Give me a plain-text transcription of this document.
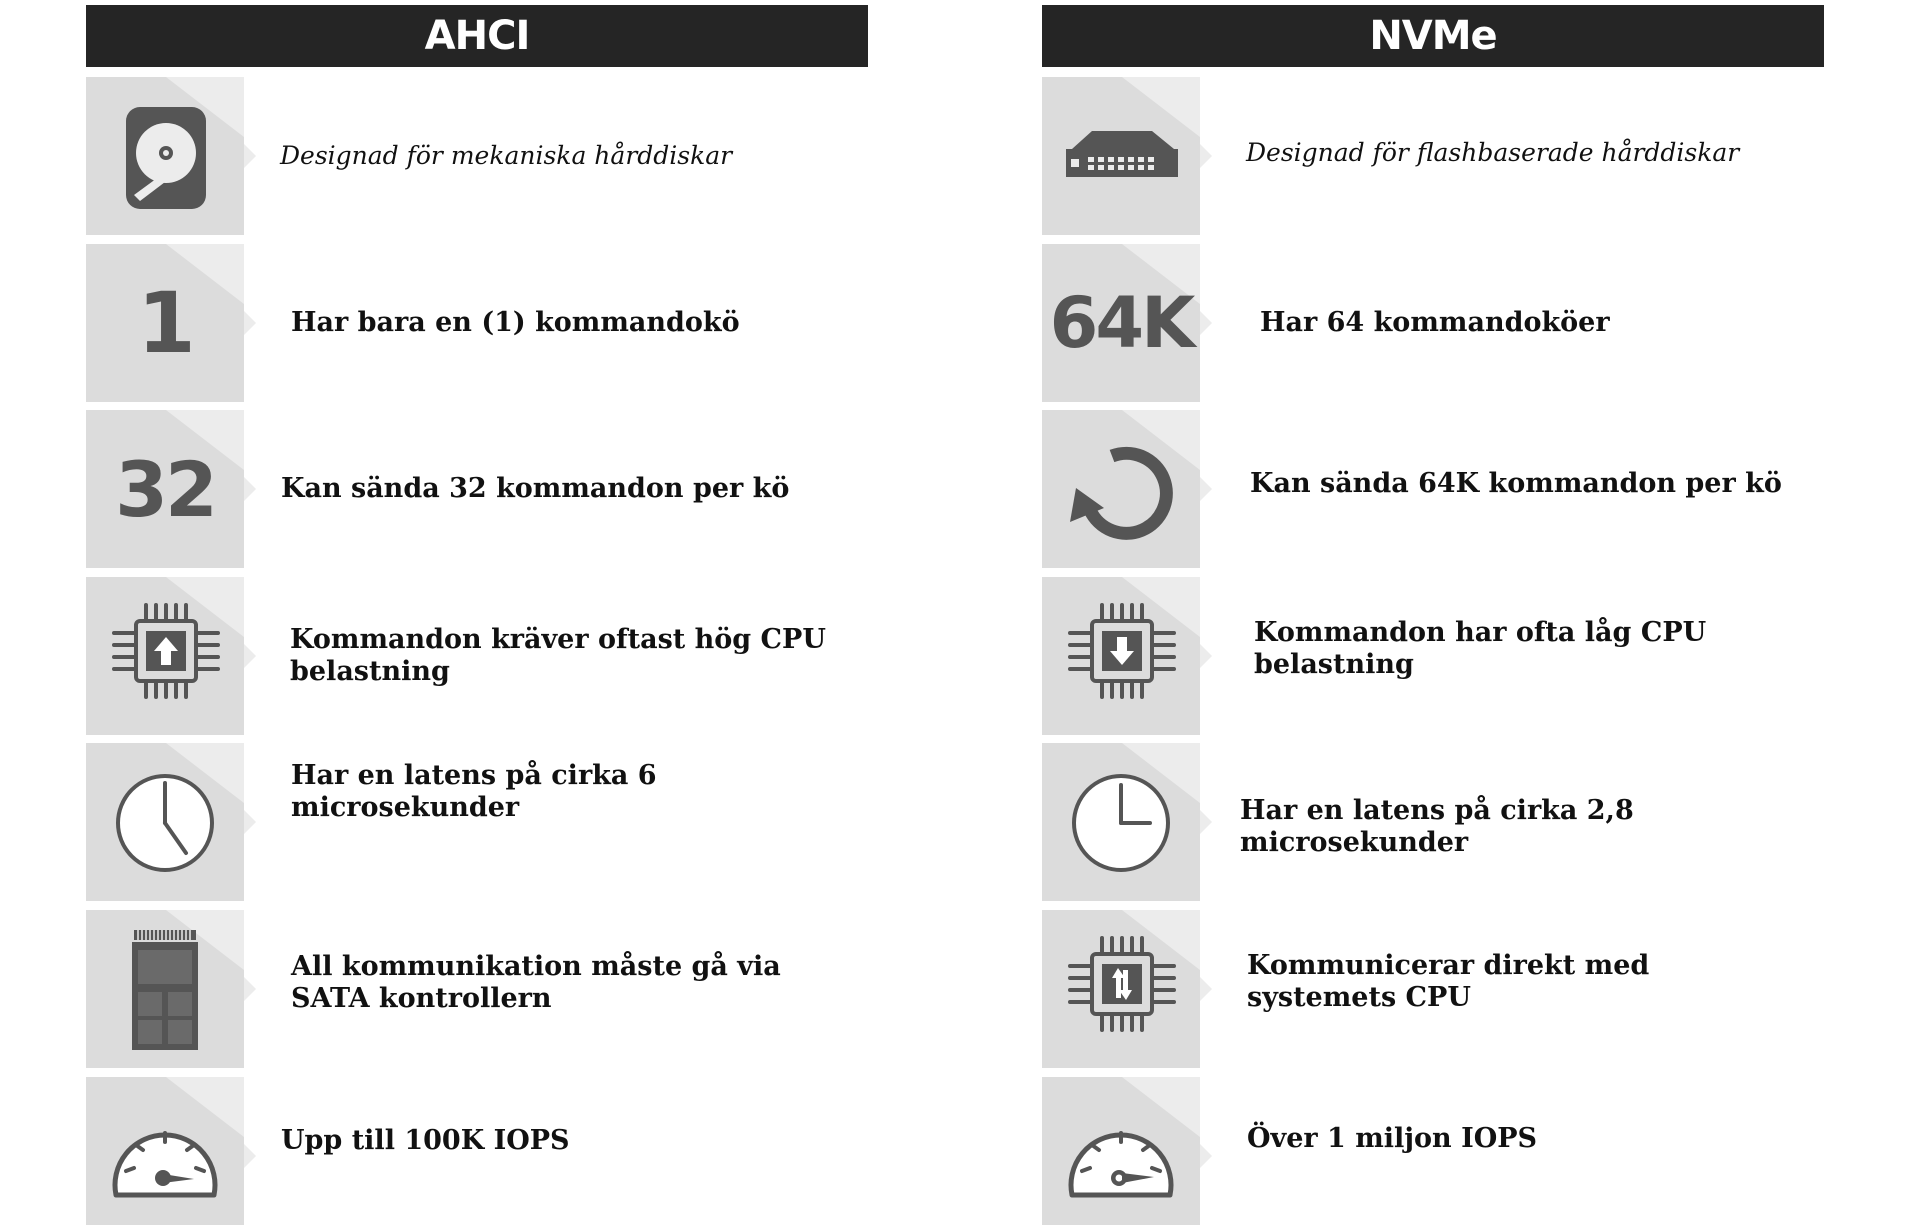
AHCI
Designad för mekaniska hårddiskar
1	Har bara en (1) kommandokö
32	Kan sända 32 kommandon per kö
Kommandon kräver oftast hög CPU belastning
Har en latens på cirka 6 microsekunder
All kommunikation måste gå via SATA kontrollern
Upp till 100K IOPS
NVMe
Designad för flashbaserade hårddiskar
64K	Har 64 kommandoköer
Kan sända 64K kommandon per kö
Kommandon har ofta låg CPU belastning
Har en latens på cirka 2,8 microsekunder
Kommunicerar direkt med systemets CPU
Över 1 miljon IOPS
